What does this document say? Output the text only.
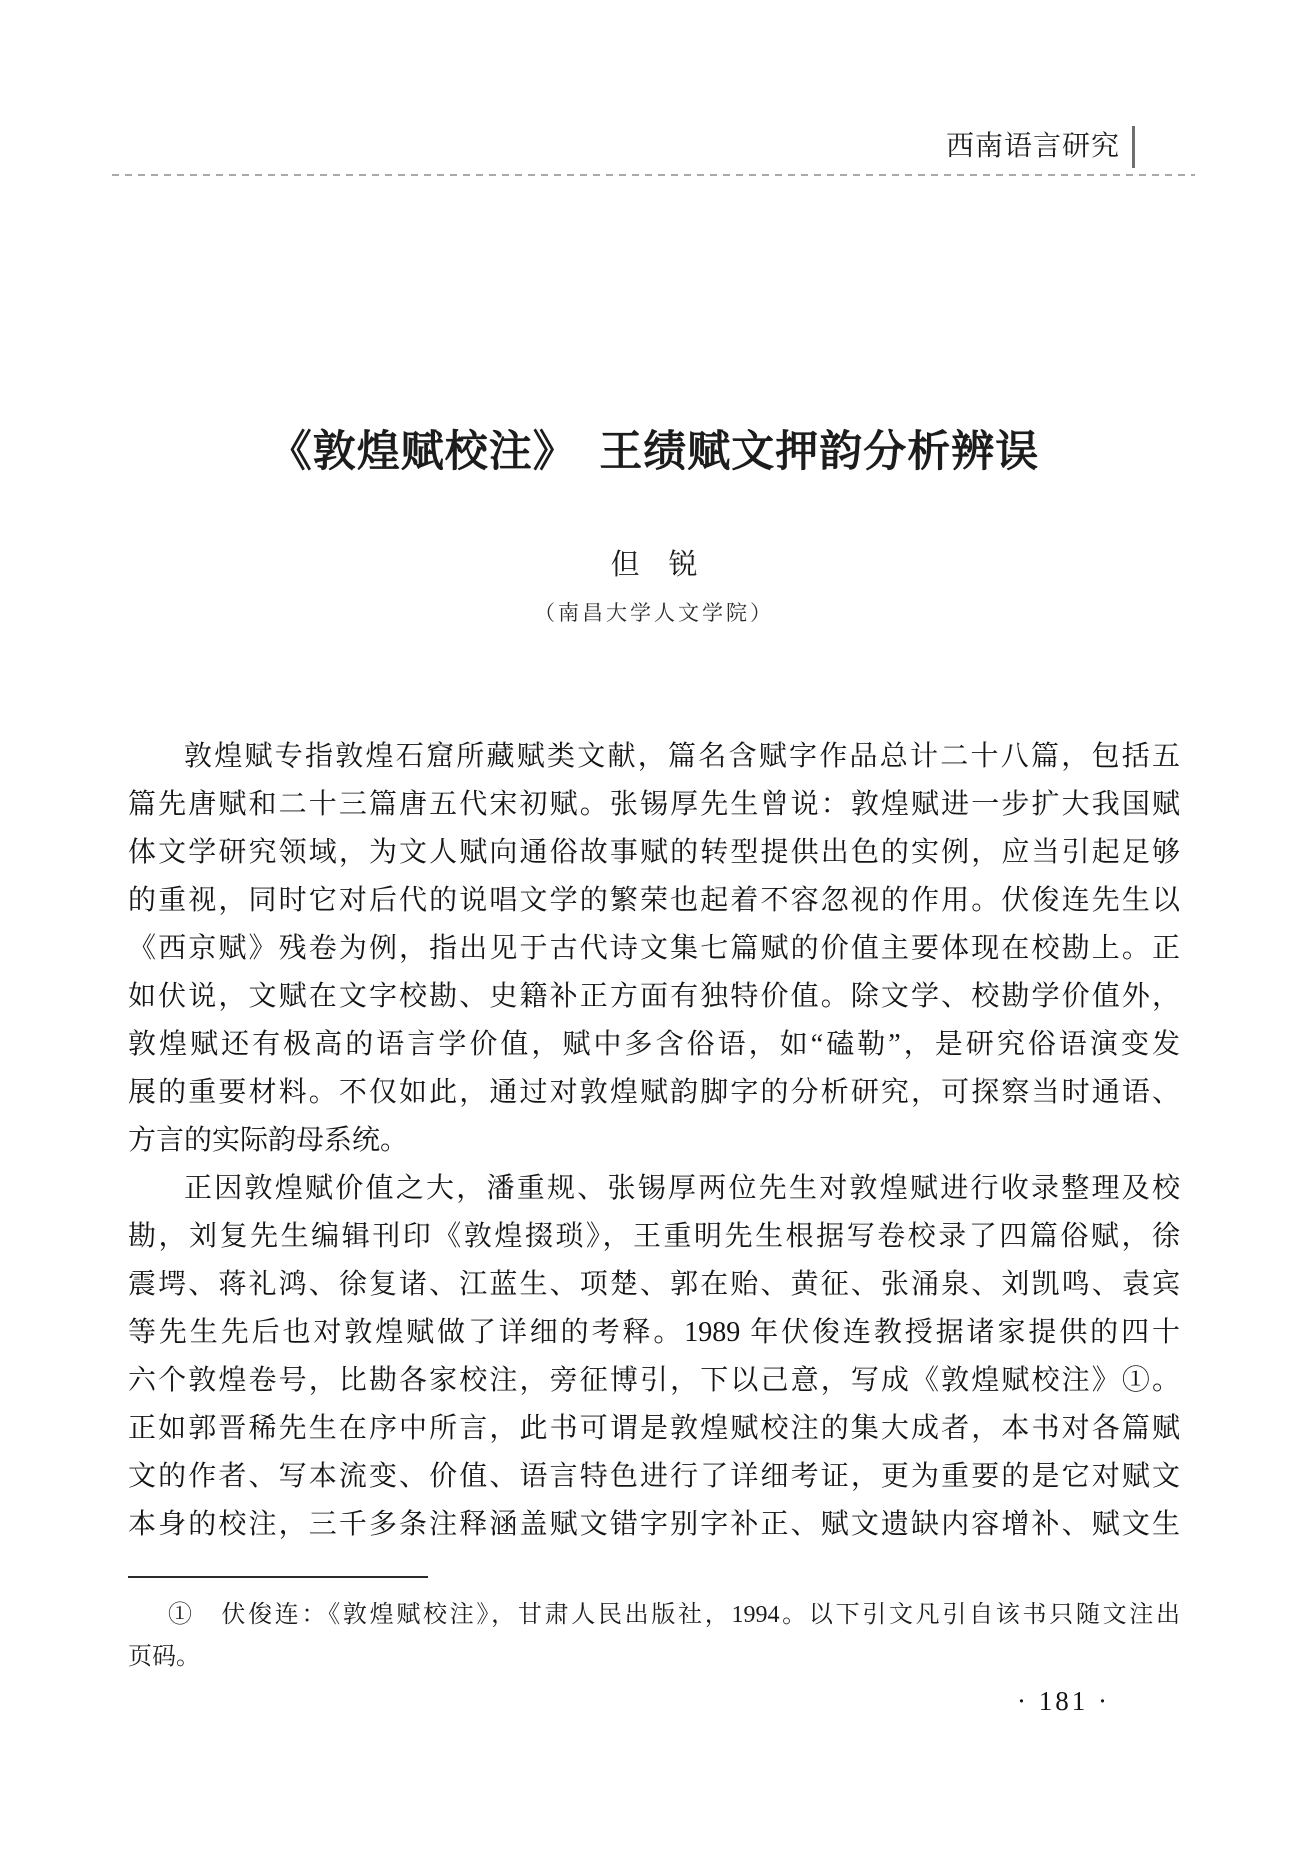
西南语言研究
《敦煌赋校注》　王绩赋文押韵分析辨误
但　锐
（南昌大学人文学院）
敦煌赋专指敦煌石窟所藏赋类文献，篇名含赋字作品总计二十八篇，包括五
篇先唐赋和二十三篇唐五代宋初赋。张锡厚先生曾说：敦煌赋进一步扩大我国赋
体文学研究领域，为文人赋向通俗故事赋的转型提供出色的实例，应当引起足够
的重视，同时它对后代的说唱文学的繁荣也起着不容忽视的作用。伏俊连先生以
《西京赋》残卷为例，指出见于古代诗文集七篇赋的价值主要体现在校勘上。正
如伏说，文赋在文字校勘、史籍补正方面有独特价值。除文学、校勘学价值外，
敦煌赋还有极高的语言学价值，赋中多含俗语，如“磕勒”，是研究俗语演变发
展的重要材料。不仅如此，通过对敦煌赋韵脚字的分析研究，可探察当时通语、
方言的实际韵母系统。
正因敦煌赋价值之大，潘重规、张锡厚两位先生对敦煌赋进行收录整理及校
勘，刘复先生编辑刊印《敦煌掇琐》，王重明先生根据写卷校录了四篇俗赋，徐
震堮、蒋礼鸿、徐复诸、江蓝生、项楚、郭在贻、黄征、张涌泉、刘凯鸣、袁宾
等先生先后也对敦煌赋做了详细的考释。1989 年伏俊连教授据诸家提供的四十
六个敦煌卷号，比勘各家校注，旁征博引，下以己意，写成《敦煌赋校注》①。
正如郭晋稀先生在序中所言，此书可谓是敦煌赋校注的集大成者，本书对各篇赋
文的作者、写本流变、价值、语言特色进行了详细考证，更为重要的是它对赋文
本身的校注，三千多条注释涵盖赋文错字别字补正、赋文遗缺内容增补、赋文生
①　伏俊连：《敦煌赋校注》，甘肃人民出版社，1994。以下引文凡引自该书只随文注出
页码。
· 181 ·
